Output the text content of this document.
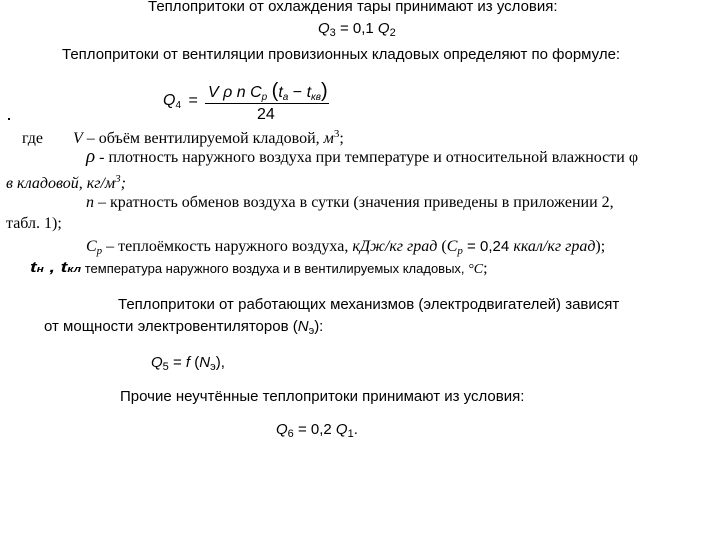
Теплопритоки от охлаждения тары принимают из условия:
$Q_3 = 0,1$ $Q_2$
Теплопритоки от вентиляции провизионных кладовых определяют по формуле:
Q4 = V ρ n Cp (ta − tкв)
24
где V – объём вентилируемой кладовой, $м^3$;
ρ - плотность наружного воздуха при температуре и относительной влажности φ
в кладовой, $кг/м^3$;
n – кратность обменов воздуха в сутки (значения приведены в приложении 2,
табл. 1);
$С_р$ – теплоёмкость наружного воздуха, кДж/кг град ($С_р = 0,24$ ккал/кг град);
tн , tкл температура наружного воздуха и в вентилируемых кладовых, °С;
Теплопритоки от работающих механизмов (электродвигателей) зависят
от мощности электровентиляторов $(N_э)$:
$Q_5 = f$ $(N_э)$,
Прочие неучтённые теплопритоки принимают из условия:
$Q_6 = 0,2$ $Q_1$.
